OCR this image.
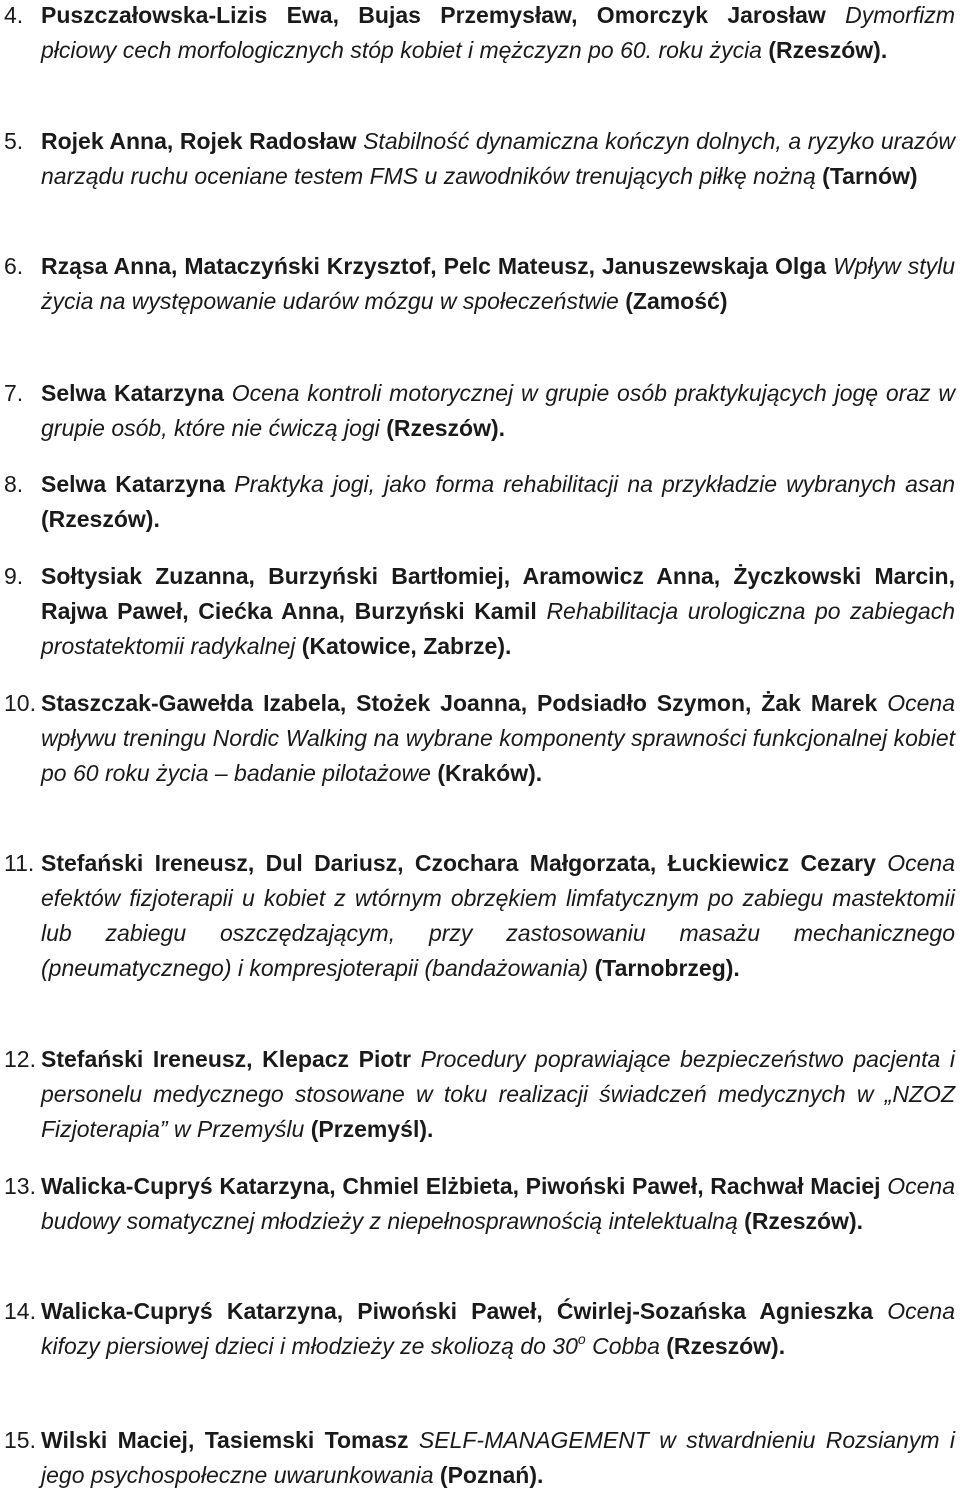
4. Puszczałowska-Lizis Ewa, Bujas Przemysław, Omorczyk Jarosław Dymorfizm płciowy cech morfologicznych stóp kobiet i mężczyzn po 60. roku życia (Rzeszów).
5. Rojek Anna, Rojek Radosław Stabilność dynamiczna kończyn dolnych, a ryzyko urazów narządu ruchu oceniane testem FMS u zawodników trenujących piłkę nożną (Tarnów)
6. Rząsa Anna, Mataczyński Krzysztof, Pelc Mateusz, Januszewskaja Olga Wpływ stylu życia na występowanie udarów mózgu w społeczeństwie (Zamość)
7. Selwa Katarzyna Ocena kontroli motorycznej w grupie osób praktykujących jogę oraz w grupie osób, które nie ćwiczą jogi (Rzeszów).
8. Selwa Katarzyna Praktyka jogi, jako forma rehabilitacji na przykładzie wybranych asan (Rzeszów).
9. Sołtysiak Zuzanna, Burzyński Bartłomiej, Aramowicz Anna, Życzkowski Marcin, Rajwa Paweł, Ciećka Anna, Burzyński Kamil Rehabilitacja urologiczna po zabiegach prostatektomii radykalnej (Katowice, Zabrze).
10. Staszczak-Gawełda Izabela, Stożek Joanna, Podsiadło Szymon, Żak Marek Ocena wpływu treningu Nordic Walking na wybrane komponenty sprawności funkcjonalnej kobiet po 60 roku życia – badanie pilotażowe (Kraków).
11. Stefański Ireneusz, Dul Dariusz, Czochara Małgorzata, Łuckiewicz Cezary Ocena efektów fizjoterapii u kobiet z wtórnym obrzękiem limfatycznym po zabiegu mastektomii lub zabiegu oszczędzającym, przy zastosowaniu masażu mechanicznego (pneumatycznego) i kompresjoterapii (bandażowania) (Tarnobrzeg).
12. Stefański Ireneusz, Klepacz Piotr Procedury poprawiające bezpieczeństwo pacjenta i personelu medycznego stosowane w toku realizacji świadczeń medycznych w „NZOZ Fizjoterapia” w Przemyślu (Przemyśl).
13. Walicka-Cupryś Katarzyna, Chmiel Elżbieta, Piwoński Paweł, Rachwał Maciej Ocena budowy somatycznej młodzieży z niepełnosprawnością intelektualną (Rzeszów).
14. Walicka-Cupryś Katarzyna, Piwoński Paweł, Ćwirlej-Sozańska Agnieszka Ocena kifozy piersiowej dzieci i młodzieży ze skoliozą do 30$^o$ Cobba (Rzeszów).
15. Wilski Maciej, Tasiemski Tomasz SELF-MANAGEMENT w stwardnieniu Rozsianym i jego psychospołeczne uwarunkowania (Poznań).
